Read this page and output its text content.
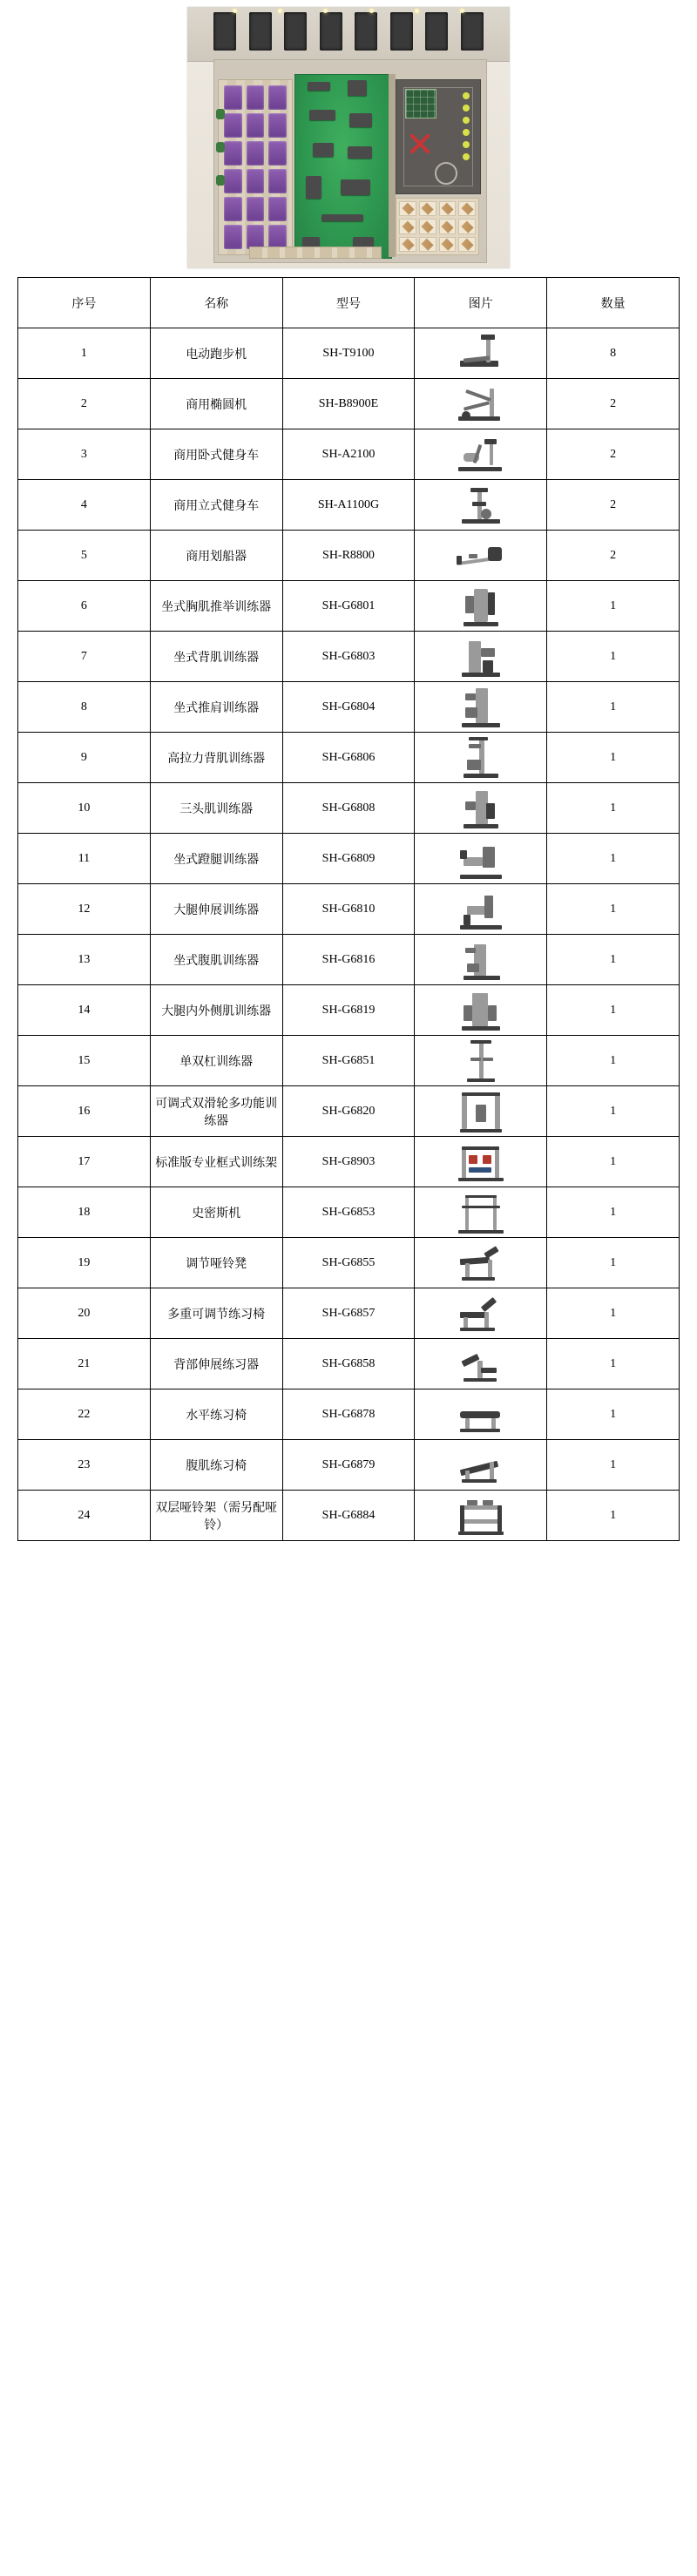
序号	名称	型号	图片	数量
1	电动跑步机	SH-T9100		8
2	商用椭圆机	SH-B8900E		2
3	商用卧式健身车	SH-A2100		2
4	商用立式健身车	SH-A1100G		2
5	商用划船器	SH-R8800		2
6	坐式胸肌推举训练器	SH-G6801		1
7	坐式背肌训练器	SH-G6803		1
8	坐式推肩训练器	SH-G6804		1
9	高拉力背肌训练器	SH-G6806		1
10	三头肌训练器	SH-G6808		1
11	坐式蹬腿训练器	SH-G6809		1
12	大腿伸展训练器	SH-G6810		1
13	坐式腹肌训练器	SH-G6816		1
14	大腿内外侧肌训练器	SH-G6819		1
15	单双杠训练器	SH-G6851		1
16	可调式双滑轮多功能训练器	SH-G6820		1
17	标准版专业框式训练架	SH-G8903		1
18	史密斯机	SH-G6853		1
19	调节哑铃凳	SH-G6855		1
20	多重可调节练习椅	SH-G6857		1
21	背部伸展练习器	SH-G6858		1
22	水平练习椅	SH-G6878		1
23	腹肌练习椅	SH-G6879		1
24	双层哑铃架（需另配哑铃）	SH-G6884		1
